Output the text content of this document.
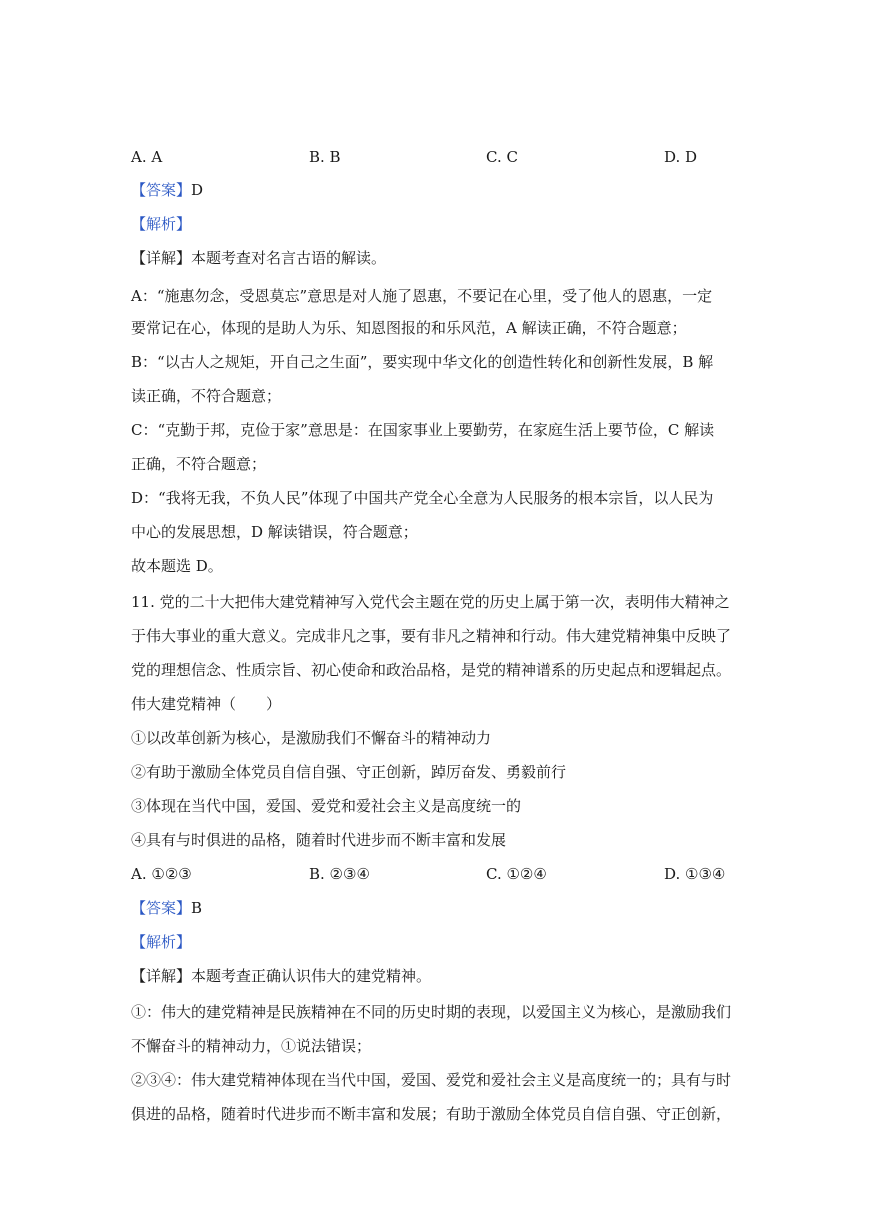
A. A	B. B	C. C	D. D
【答案】D
【解析】
【详解】本题考查对名言古语的解读。
A：“施惠勿念，受恩莫忘”意思是对人施了恩惠，不要记在心里，受了他人的恩惠，一定
要常记在心，体现的是助人为乐、知恩图报的和乐风范，A 解读正确，不符合题意；
B：“以古人之规矩，开自己之生面”，要实现中华文化的创造性转化和创新性发展，B 解
读正确，不符合题意；
C：“克勤于邦，克俭于家”意思是：在国家事业上要勤劳，在家庭生活上要节俭，C 解读
正确，不符合题意；
D：“我将无我，不负人民”体现了中国共产党全心全意为人民服务的根本宗旨，以人民为
中心的发展思想，D 解读错误，符合题意；
故本题选 D。
11. 党的二十大把伟大建党精神写入党代会主题在党的历史上属于第一次，表明伟大精神之
于伟大事业的重大意义。完成非凡之事，要有非凡之精神和行动。伟大建党精神集中反映了
党的理想信念、性质宗旨、初心使命和政治品格，是党的精神谱系的历史起点和逻辑起点。
伟大建党精神（　　）
①以改革创新为核心，是激励我们不懈奋斗的精神动力
②有助于激励全体党员自信自强、守正创新，踔厉奋发、勇毅前行
③体现在当代中国，爱国、爱党和爱社会主义是高度统一的
④具有与时俱进的品格，随着时代进步而不断丰富和发展
A. ①②③	B. ②③④	C. ①②④	D. ①③④
【答案】B
【解析】
【详解】本题考查正确认识伟大的建党精神。
①：伟大的建党精神是民族精神在不同的历史时期的表现，以爱国主义为核心，是激励我们
不懈奋斗的精神动力，①说法错误；
②③④：伟大建党精神体现在当代中国，爱国、爱党和爱社会主义是高度统一的；具有与时
俱进的品格，随着时代进步而不断丰富和发展；有助于激励全体党员自信自强、守正创新，
